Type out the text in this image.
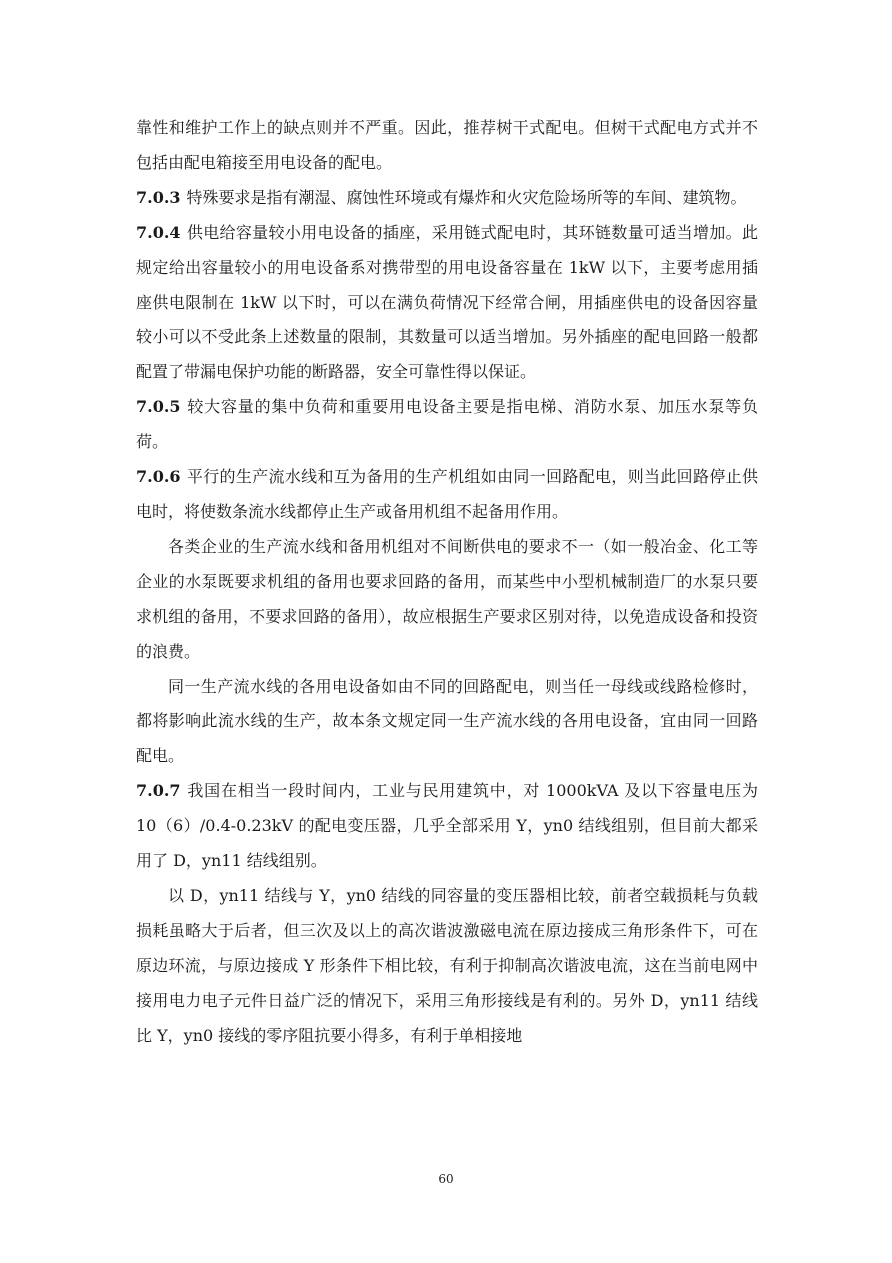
靠性和维护工作上的缺点则并不严重。因此，推荐树干式配电。但树干式配电方式并不包括由配电箱接至用电设备的配电。

7.0.3 特殊要求是指有潮湿、腐蚀性环境或有爆炸和火灾危险场所等的车间、建筑物。

7.0.4 供电给容量较小用电设备的插座，采用链式配电时，其环链数量可适当增加。此规定给出容量较小的用电设备系对携带型的用电设备容量在 1kW 以下，主要考虑用插座供电限制在 1kW 以下时，可以在满负荷情况下经常合闸，用插座供电的设备因容量较小可以不受此条上述数量的限制，其数量可以适当增加。另外插座的配电回路一般都配置了带漏电保护功能的断路器，安全可靠性得以保证。

7.0.5 较大容量的集中负荷和重要用电设备主要是指电梯、消防水泵、加压水泵等负荷。

7.0.6 平行的生产流水线和互为备用的生产机组如由同一回路配电，则当此回路停止供电时，将使数条流水线都停止生产或备用机组不起备用作用。

各类企业的生产流水线和备用机组对不间断供电的要求不一（如一般冶金、化工等企业的水泵既要求机组的备用也要求回路的备用，而某些中小型机械制造厂的水泵只要求机组的备用，不要求回路的备用），故应根据生产要求区别对待，以免造成设备和投资的浪费。

同一生产流水线的各用电设备如由不同的回路配电，则当任一母线或线路检修时，都将影响此流水线的生产，故本条文规定同一生产流水线的各用电设备，宜由同一回路配电。

7.0.7 我国在相当一段时间内，工业与民用建筑中，对 1000kVA 及以下容量电压为 10（6）/0.4-0.23kV 的配电变压器，几乎全部采用 Y，yn0 结线组别，但目前大都采用了 D，yn11 结线组别。

以 D，yn11 结线与 Y，yn0 结线的同容量的变压器相比较，前者空载损耗与负载损耗虽略大于后者，但三次及以上的高次谐波激磁电流在原边接成三角形条件下，可在原边环流，与原边接成 Y 形条件下相比较，有利于抑制高次谐波电流，这在当前电网中接用电力电子元件日益广泛的情况下，采用三角形接线是有利的。另外 D，yn11 结线比 Y，yn0 接线的零序阻抗要小得多，有利于单相接地

60
